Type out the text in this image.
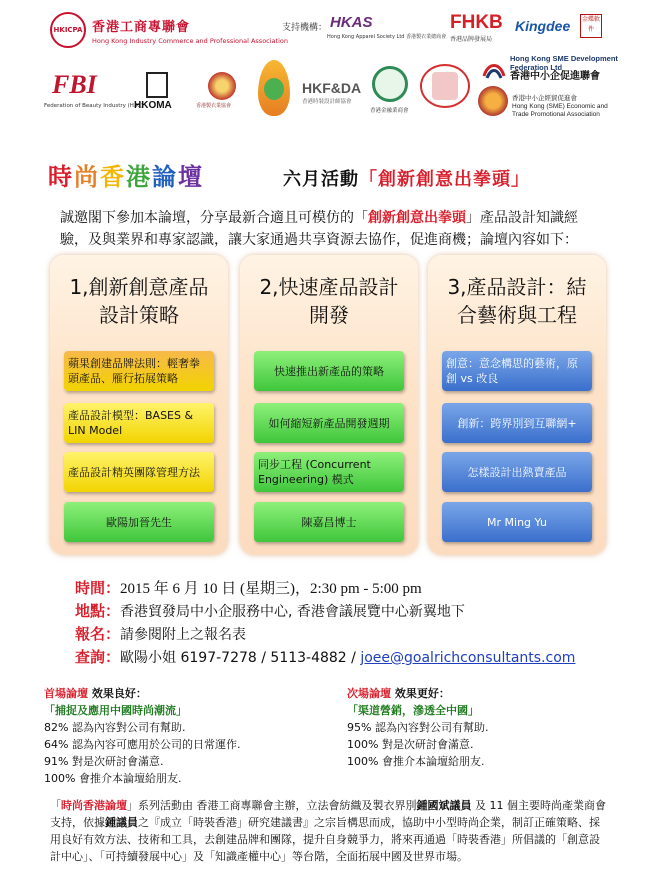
HKICPA 香港工商專聯會
Hong Kong Industry Commerce and Professional Association
支持機構： HKAS
Hong Kong Apparel Society Ltd 香港製衣業總商會
FHKB
香港品牌發展局
Kingdee	金蝶軟件
Hong Kong SME Development Federation Ltd
香港中小企促進聯會
FBI
Federation of Beauty Industry (H.K.)
HKOMA	香港製衣業協會
HKF&DA
香港時裝設計師協會
香港金融業商會
香港中小企經貿促進會
Hong Kong (SME) Economic and
Trade Promotional Association
時尚香港論壇	六月活動「創新創意出拳頭」
誠邀閣下參加本論壇，分享最新合適且可模仿的「創新創意出拳頭」產品設計知識經驗，及與業界和專家認識，讓大家通過共享資源去協作，促進商機；論壇內容如下：
1,創新創意產品
設計策略
蘋果創建品牌法則：輕奢拳頭產品、雁行拓展策略
產品設計模型：BASES & LIN Model
產品設計精英團隊管理方法
歐陽加晉先生
2,快速產品設計
開發
快速推出新產品的策略
如何縮短新產品開發週期
同步工程 (Concurrent Engineering) 模式
陳嘉昌博士
3,產品設計：結
合藝術與工程
創意：意念構思的藝術，原創 vs 改良
創新：跨界別到互聯網+
怎樣設計出熱賣產品
Mr Ming Yu
時間：2015 年 6 月 10 日 (星期三)，2:30 pm - 5:00 pm
地點：香港貿發局中小企服務中心, 香港會議展覽中心新翼地下
報名：請參閱附上之報名表
查詢：歐陽小姐 6197-7278 / 5113-4882 / joee@goalrichconsultants.com
首場論壇 效果良好：
「捕捉及應用中國時尚潮流」
82% 認為內容對公司有幫助.
64% 認為內容可應用於公司的日常運作.
91% 對是次研討會滿意.
100% 會推介本論壇給朋友.
次場論壇 效果更好：
「渠道營銷，滲透全中國」
95% 認為內容對公司有幫助.
100% 對是次研討會滿意.
100% 會推介本論壇給朋友.
「時尚香港論壇」系列活動由 香港工商專聯會主辦，立法會紡織及製衣界別鍾國斌議員 及 11 個主要時尚產業商會支持，依據鍾議員之『成立「時裝香港」研究建議書』之宗旨構思而成，協助中小型時尚企業，制訂正確策略、採用良好有效方法、技術和工具，去創建品牌和團隊，提升自身競爭力，將來再通過「時裝香港」所倡議的「創意設計中心」、「可持續發展中心」及「知識產權中心」等台階，全面拓展中國及世界市場。
